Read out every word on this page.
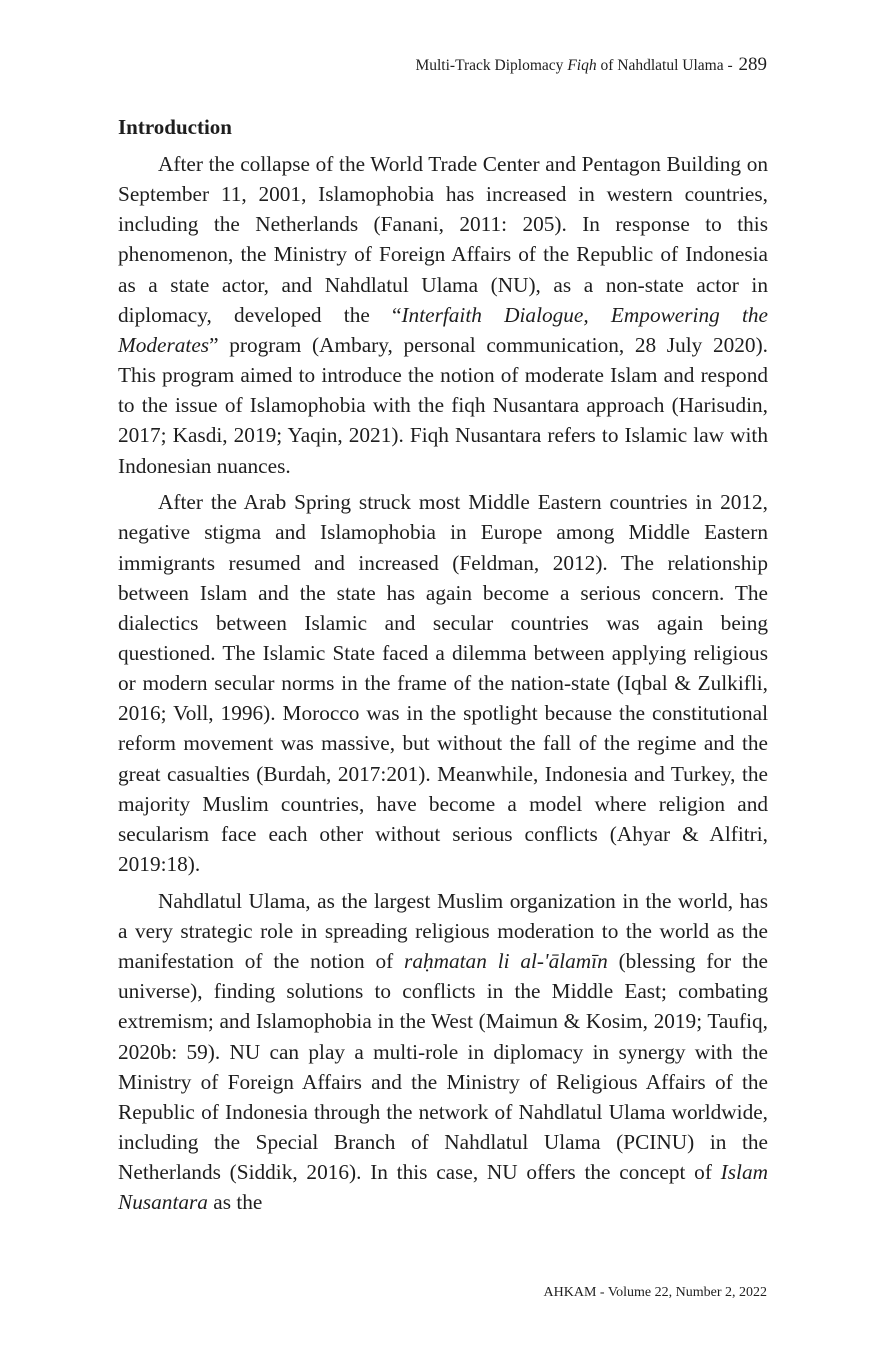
Multi-Track Diplomacy Fiqh of Nahdlatul Ulama - 289
Introduction

After the collapse of the World Trade Center and Pentagon Building on September 11, 2001, Islamophobia has increased in western countries, including the Netherlands (Fanani, 2011: 205). In response to this phenomenon, the Ministry of Foreign Affairs of the Republic of Indonesia as a state actor, and Nahdlatul Ulama (NU), as a non-state actor in diplomacy, developed the “Interfaith Dialogue, Empowering the Moderates” program (Ambary, personal communication, 28 July 2020). This program aimed to introduce the notion of moderate Islam and respond to the issue of Islamophobia with the fiqh Nusantara approach (Harisudin, 2017; Kasdi, 2019; Yaqin, 2021). Fiqh Nusantara refers to Islamic law with Indonesian nuances.

After the Arab Spring struck most Middle Eastern countries in 2012, negative stigma and Islamophobia in Europe among Middle Eastern immigrants resumed and increased (Feldman, 2012). The relationship between Islam and the state has again become a serious concern. The dialectics between Islamic and secular countries was again being questioned. The Islamic State faced a dilemma between applying religious or modern secular norms in the frame of the nation-state (Iqbal & Zulkifli, 2016; Voll, 1996). Morocco was in the spotlight because the constitutional reform movement was massive, but without the fall of the regime and the great casualties (Burdah, 2017:201). Meanwhile, Indonesia and Turkey, the majority Muslim countries, have become a model where religion and secularism face each other without serious conflicts (Ahyar & Alfitri, 2019:18).

Nahdlatul Ulama, as the largest Muslim organization in the world, has a very strategic role in spreading religious moderation to the world as the manifestation of the notion of raḥmatan li al-'ālamīn (blessing for the universe), finding solutions to conflicts in the Middle East; combating extremism; and Islamophobia in the West (Maimun & Kosim, 2019; Taufiq, 2020b: 59). NU can play a multi-role in diplomacy in synergy with the Ministry of Foreign Affairs and the Ministry of Religious Affairs of the Republic of Indonesia through the network of Nahdlatul Ulama worldwide, including the Special Branch of Nahdlatul Ulama (PCINU) in the Netherlands (Siddik, 2016). In this case, NU offers the concept of Islam Nusantara as the

AHKAM - Volume 22, Number 2, 2022
